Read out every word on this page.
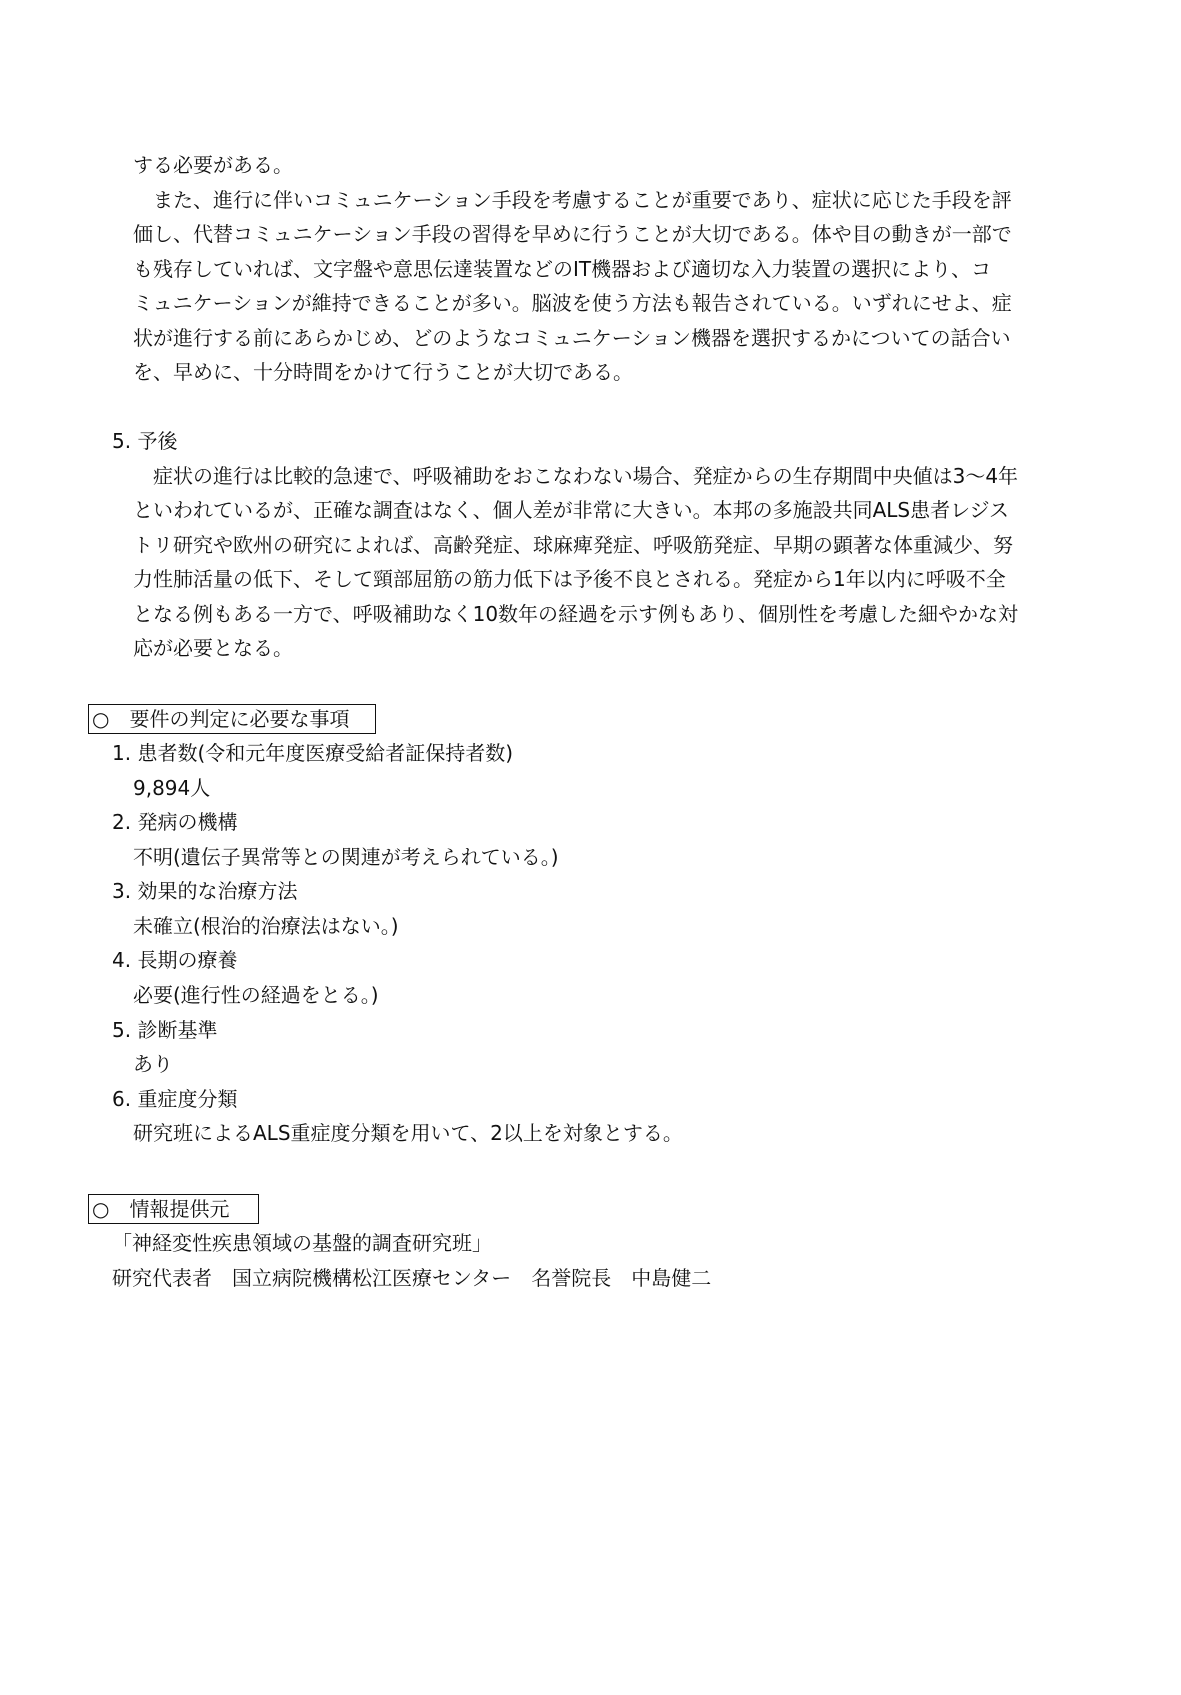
する必要がある。
　また、進行に伴いコミュニケーション手段を考慮することが重要であり、症状に応じた手段を評
価し、代替コミュニケーション手段の習得を早めに行うことが大切である。体や目の動きが一部で
も残存していれば、文字盤や意思伝達装置などのIT機器および適切な入力装置の選択により、コ
ミュニケーションが維持できることが多い。脳波を使う方法も報告されている。いずれにせよ、症
状が進行する前にあらかじめ、どのようなコミュニケーション機器を選択するかについての話合い
を、早めに、十分時間をかけて行うことが大切である。
5. 予後
　症状の進行は比較的急速で、呼吸補助をおこなわない場合、発症からの生存期間中央値は3～4年
といわれているが、正確な調査はなく、個人差が非常に大きい。本邦の多施設共同ALS患者レジス
トリ研究や欧州の研究によれば、高齢発症、球麻痺発症、呼吸筋発症、早期の顕著な体重減少、努
力性肺活量の低下、そして頸部屈筋の筋力低下は予後不良とされる。発症から1年以内に呼吸不全
となる例もある一方で、呼吸補助なく10数年の経過を示す例もあり、個別性を考慮した細やかな対
応が必要となる。
○　要件の判定に必要な事項
1. 患者数(令和元年度医療受給者証保持者数)
9,894人
2. 発病の機構
不明(遺伝子異常等との関連が考えられている。)
3. 効果的な治療方法
未確立(根治的治療法はない。)
4. 長期の療養
必要(進行性の経過をとる。)
5. 診断基準
あり
6. 重症度分類
研究班によるALS重症度分類を用いて、2以上を対象とする。
○　情報提供元
「神経変性疾患領域の基盤的調査研究班」
研究代表者　国立病院機構松江医療センター　名誉院長　中島健二
